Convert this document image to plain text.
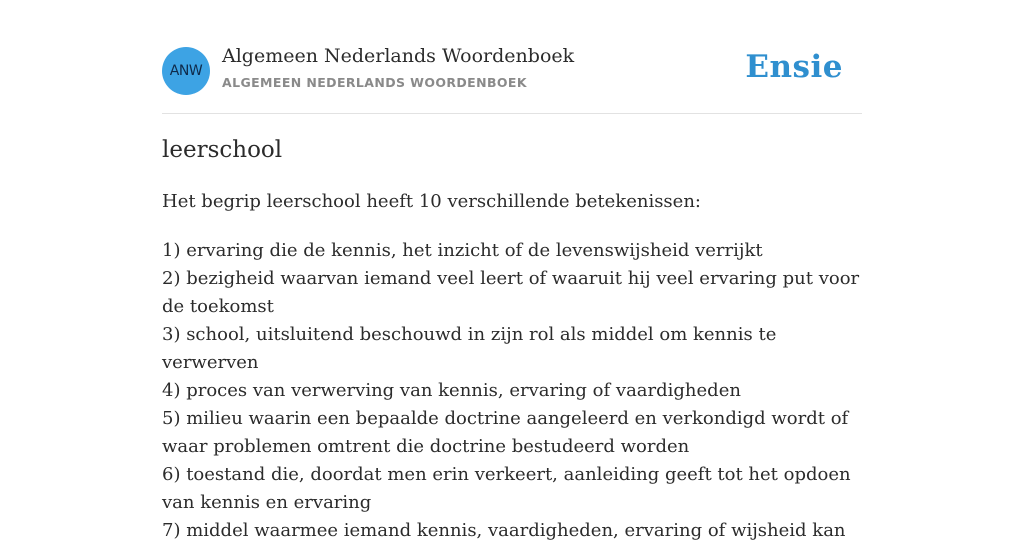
ANW
Algemeen Nederlands Woordenboek
ALGEMEEN NEDERLANDS WOORDENBOEK	Ensie
leerschool

Het begrip leerschool heeft 10 verschillende betekenissen:

1) ervaring die de kennis, het inzicht of de levenswijsheid verrijkt
2) bezigheid waarvan iemand veel leert of waaruit hij veel ervaring put voor de toekomst
3) school, uitsluitend beschouwd in zijn rol als middel om kennis te verwerven
4) proces van verwerving van kennis, ervaring of vaardigheden
5) milieu waarin een bepaalde doctrine aangeleerd en verkondigd wordt of waar problemen omtrent die doctrine bestudeerd worden
6) toestand die, doordat men erin verkeert, aanleiding geeft tot het opdoen van kennis en ervaring
7) middel waarmee iemand kennis, vaardigheden, ervaring of wijsheid kan
